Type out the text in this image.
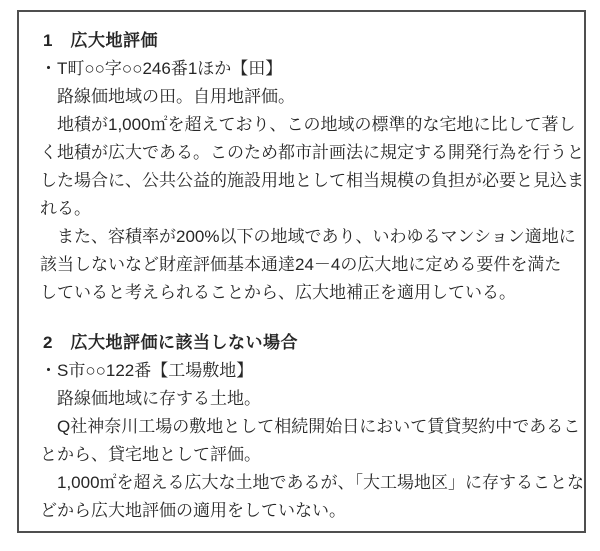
1　広大地評価
・T町○○字○○246番1ほか【田】
　路線価地域の田。自用地評価。
　地積が1,000㎡を超えており、この地域の標準的な宅地に比して著し
く地積が広大である。このため都市計画法に規定する開発行為を行うと
した場合に、公共公益的施設用地として相当規模の負担が必要と見込ま
れる。
　また、容積率が200%以下の地域であり、いわゆるマンション適地に
該当しないなど財産評価基本通達24－4の広大地に定める要件を満た
していると考えられることから、広大地補正を適用している。
2　広大地評価に該当しない場合
・S市○○122番【工場敷地】
　路線価地域に存する土地。
　Q社神奈川工場の敷地として相続開始日において賃貸契約中であるこ
とから、貸宅地として評価。
　1,000㎡を超える広大な土地であるが、「大工場地区」に存することな
どから広大地評価の適用をしていない。
